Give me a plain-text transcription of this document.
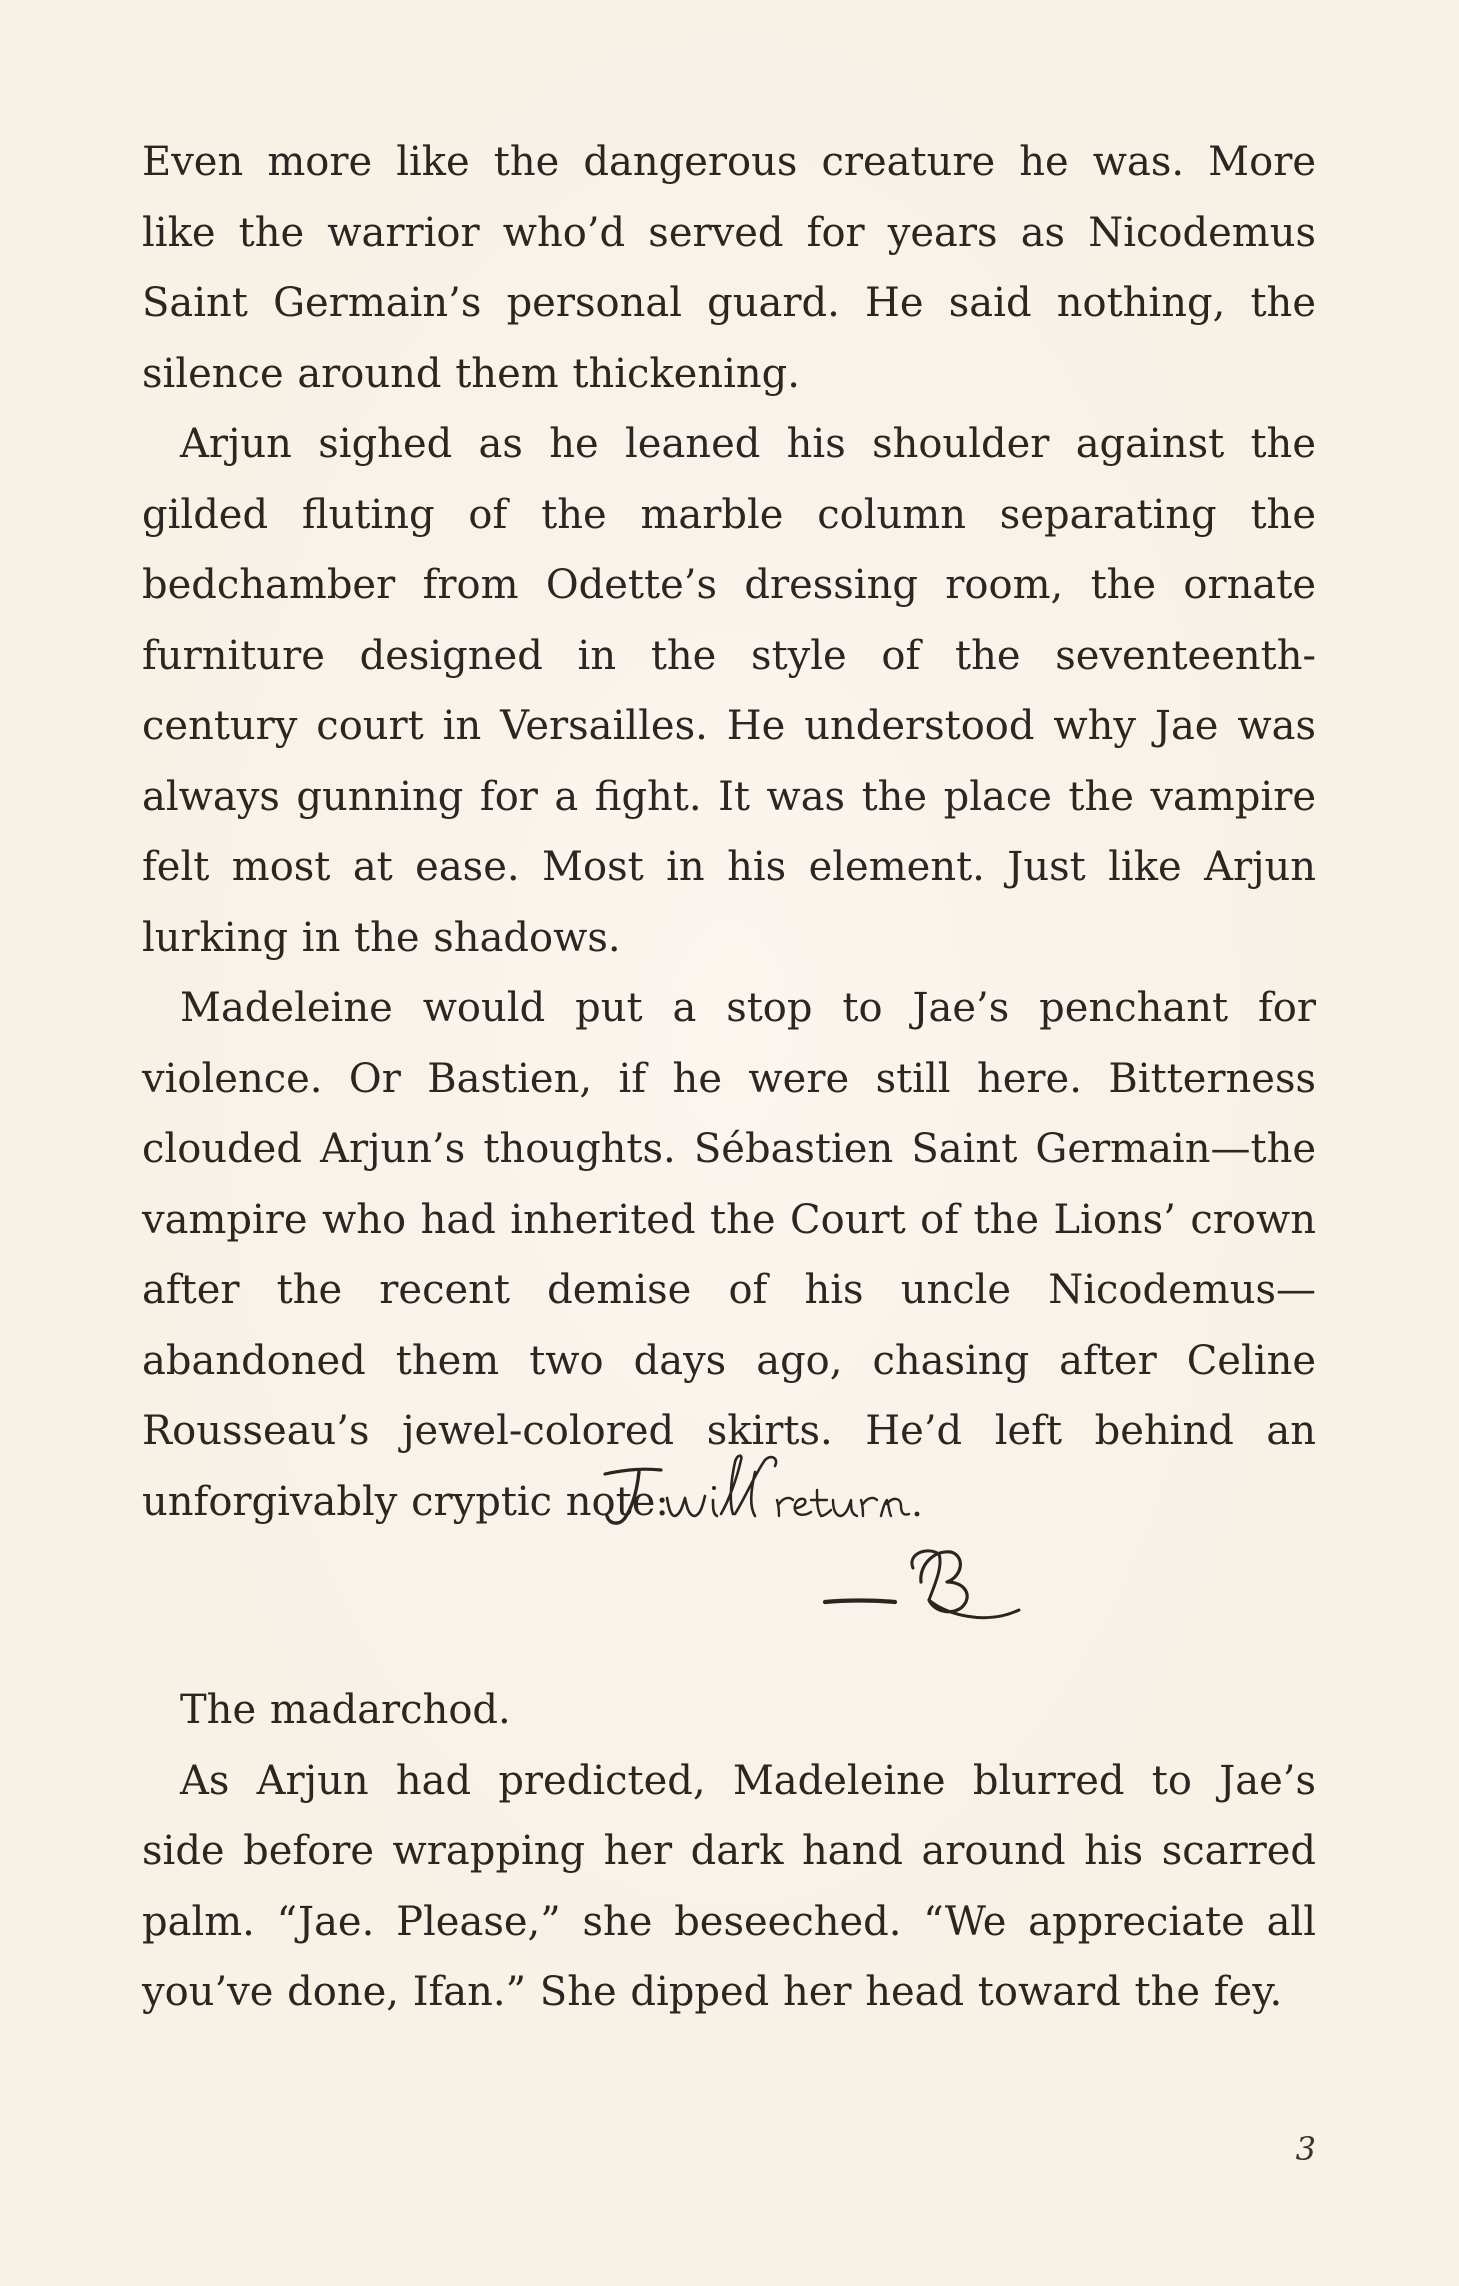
Even more like the dangerous creature he was. More like the warrior who’d served for years as Nicodemus Saint Germain’s personal guard. He said nothing, the silence around them thickening.

Arjun sighed as he leaned his shoulder against the gilded fluting of the marble column separating the bedchamber from Odette’s dressing room, the ornate furniture designed in the style of the seventeenth-century court in Versailles. He understood why Jae was always gunning for a fight. It was the place the vampire felt most at ease. Most in his element. Just like Arjun lurking in the shadows.

Madeleine would put a stop to Jae’s penchant for violence. Or Bastien, if he were still here. Bitterness clouded Arjun’s thoughts. Sébastien Saint Germain—the vampire who had inherited the Court of the Lions’ crown after the recent demise of his uncle Nicodemus—abandoned them two days ago, chasing after Celine Rousseau’s jewel-colored skirts. He’d left behind an unforgivably cryptic note:

The madarchod.

As Arjun had predicted, Madeleine blurred to Jae’s side before wrapping her dark hand around his scarred palm. “Jae. Please,” she beseeched. “We appreciate all you’ve done, Ifan.” She dipped her head toward the fey.

3
